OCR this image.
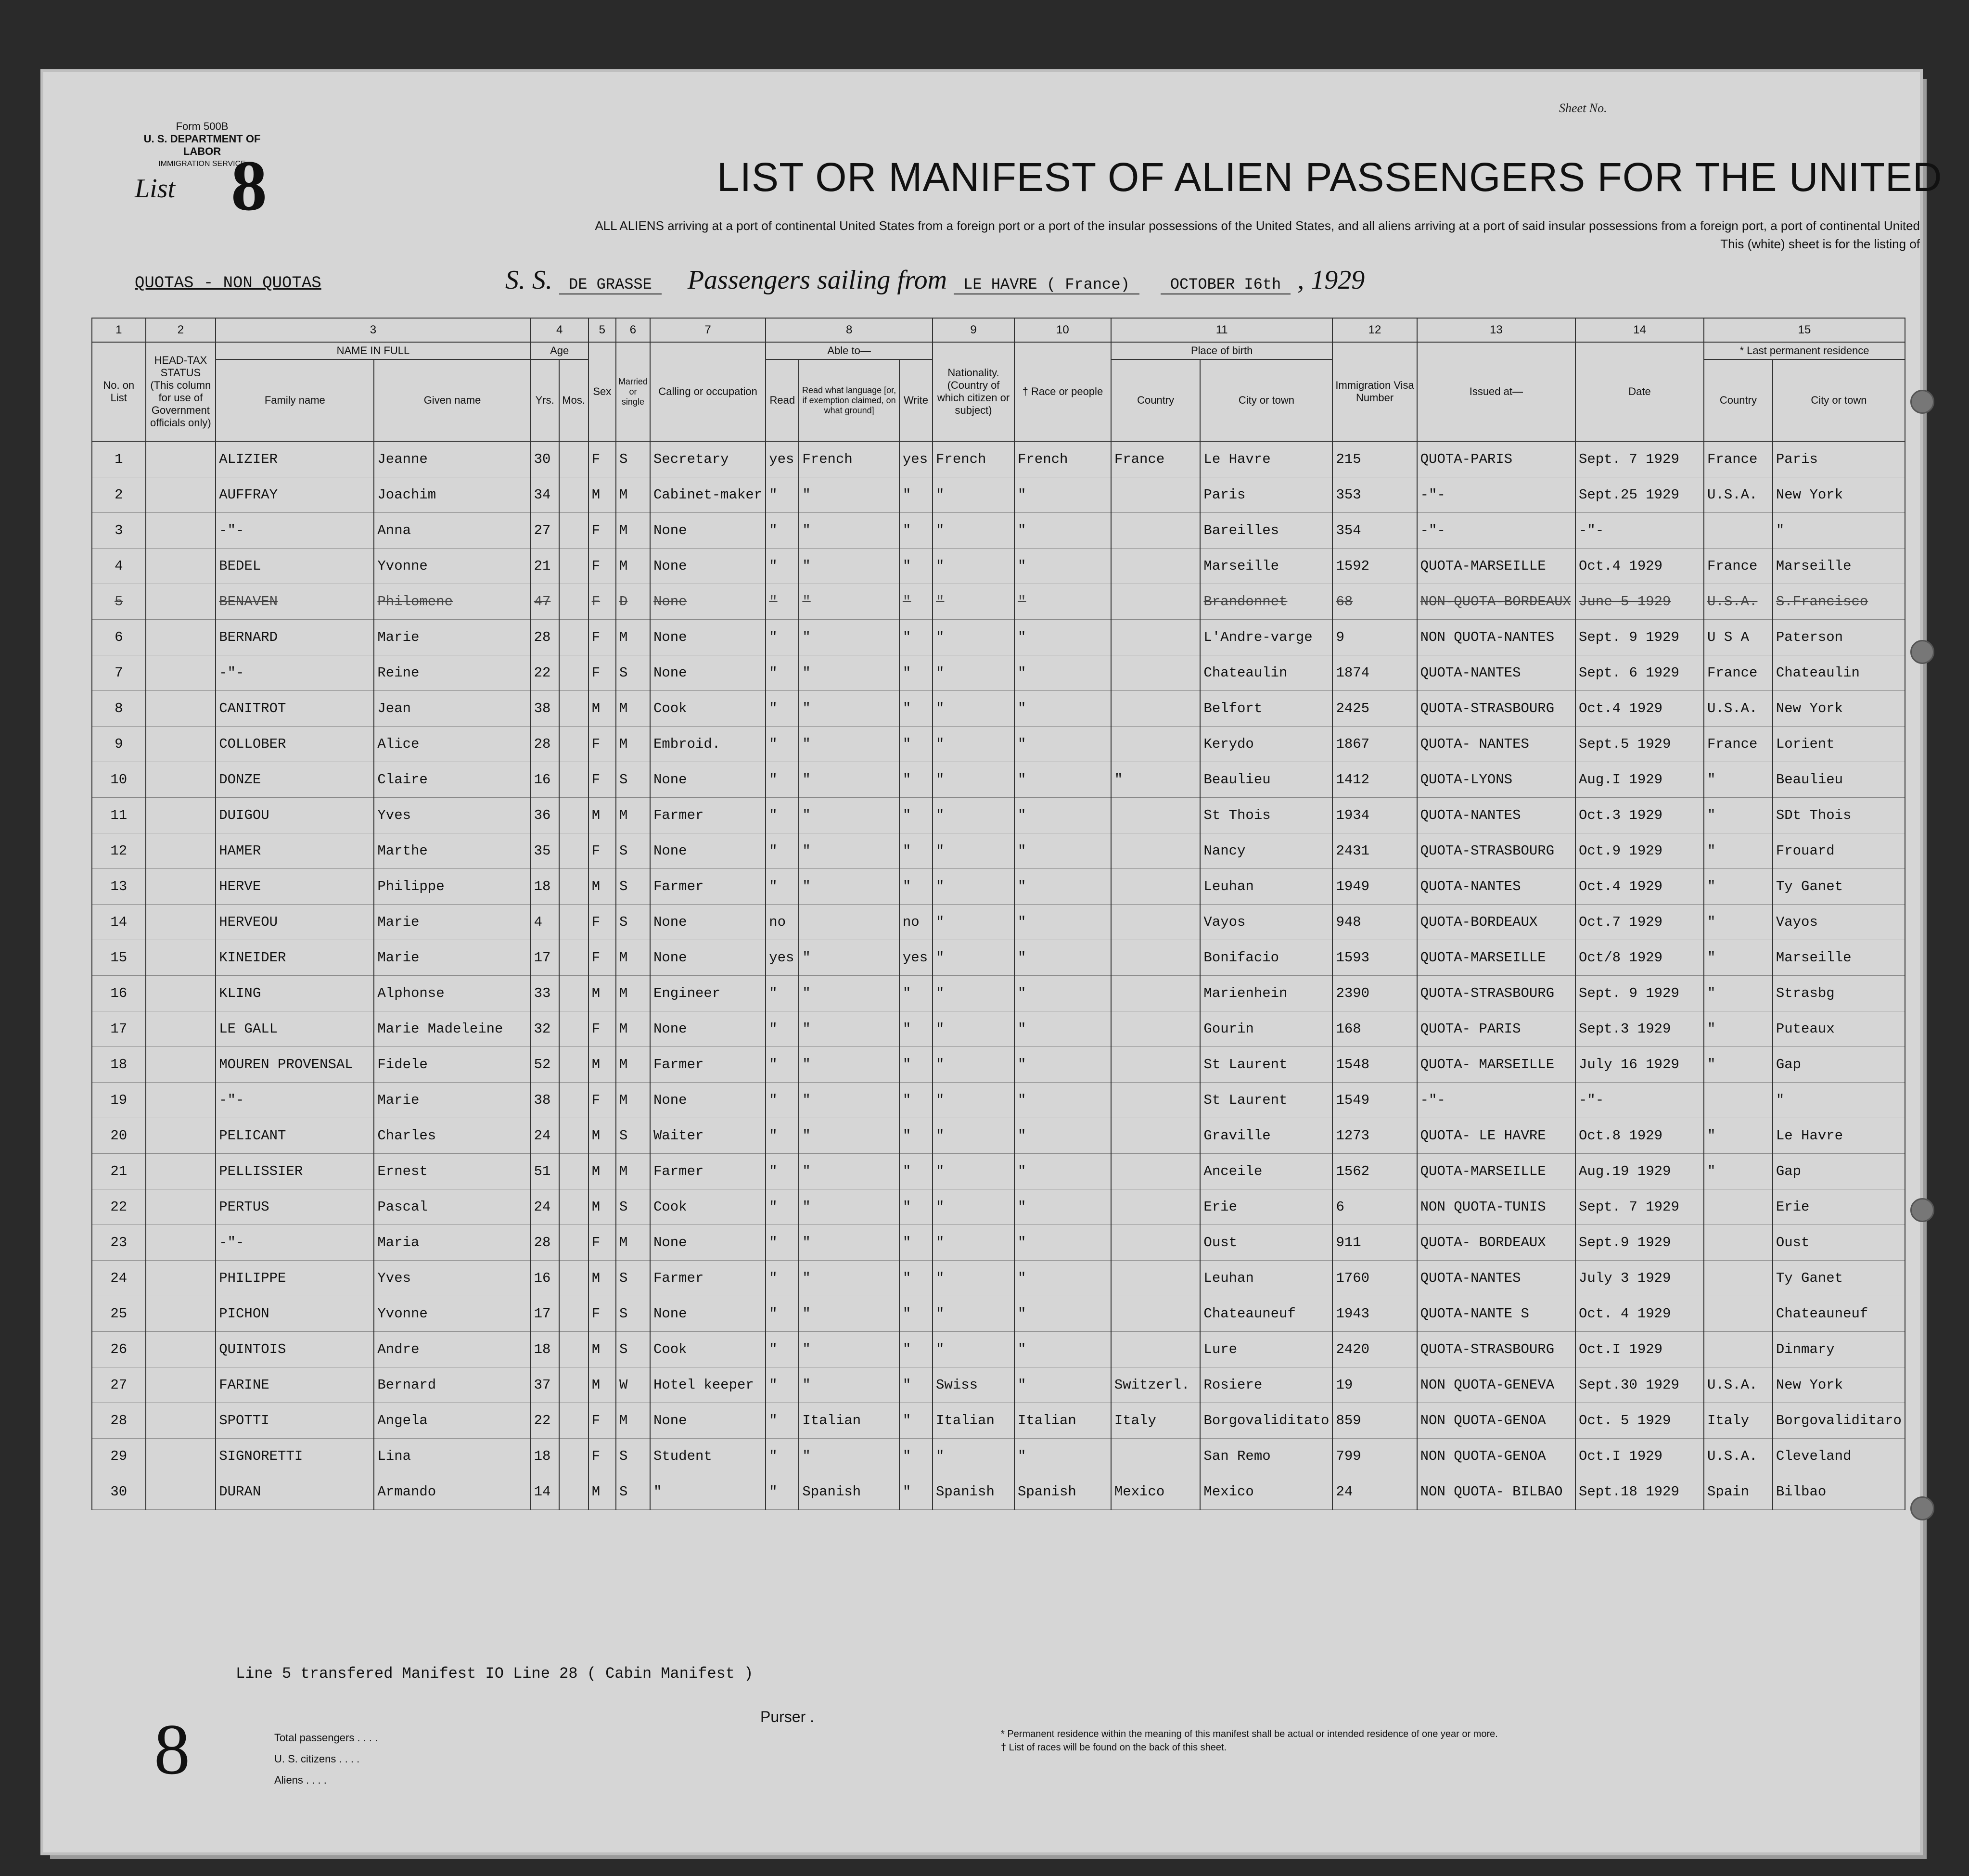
Sheet No.
Form 500B
U. S. DEPARTMENT OF LABOR
IMMIGRATION SERVICE
List 8	LIST OR MANIFEST OF ALIEN PASSENGERS FOR THE UNITED
ALL ALIENS arriving at a port of continental United States from a foreign port or a port of the insular possessions of the United States, and all aliens arriving at a port of said insular possessions from a foreign port, a port of continental United
This (white) sheet is for the listing of
QUOTAS - NON QUOTAS	S. S. DE GRASSE Passengers sailing from LE HAVRE ( France)	OCTOBER I6th , 1929
1	2	3		4		5	6	7	8			9	10	11		12	13	14	15	
No. on List	HEAD-TAX STATUS (This column for use of Government officials only)	NAME IN FULL		Age		Sex	Married or single	Calling or occupation	Able to—			Nationality. (Country of which citizen or subject)	† Race or people	Place of birth		Immigration Visa Number	Issued at—	Date	* Last permanent residence	
		Family name	Given name	Yrs.	Mos.				Read	Read what language [or, if exemption claimed, on what ground]	Write			Country	City or town				Country	City or town
1		ALIZIER	Jeanne	30		F	S	Secretary	yes	French	yes	French	French	France	Le Havre	215	QUOTA-PARIS	Sept. 7 1929	France	Paris
2		AUFFRAY	Joachim	34		M	M	Cabinet-maker	"	"	"	"	"		Paris	353	-"-	Sept.25 1929	U.S.A.	New York
3		-"-	Anna	27		F	M	None	"	"	"	"	"		Bareilles	354	-"-	-"-		"
4		BEDEL	Yvonne	21		F	M	None	"	"	"	"	"		Marseille	1592	QUOTA-MARSEILLE	Oct.4 1929	France	Marseille
5		BENAVEN	Philomene	47		F	D	None	"	"	"	"	"		Brandonnet	68	NON-QUOTA-BORDEAUX	June 5 1929	U.S.A.	S.Francisco
6		BERNARD	Marie	28		F	M	None	"	"	"	"	"		L'Andre-varge	9	NON QUOTA-NANTES	Sept. 9 1929	U S A	Paterson
7		-"-	Reine	22		F	S	None	"	"	"	"	"		Chateaulin	1874	QUOTA-NANTES	Sept. 6 1929	France	Chateaulin
8		CANITROT	Jean	38		M	M	Cook	"	"	"	"	"		Belfort	2425	QUOTA-STRASBOURG	Oct.4 1929	U.S.A.	New York
9		COLLOBER	Alice	28		F	M	Embroid.	"	"	"	"	"		Kerydo	1867	QUOTA- NANTES	Sept.5 1929	France	Lorient
10		DONZE	Claire	16		F	S	None	"	"	"	"	"	"	Beaulieu	1412	QUOTA-LYONS	Aug.I 1929	"	Beaulieu
11		DUIGOU	Yves	36		M	M	Farmer	"	"	"	"	"		St Thois	1934	QUOTA-NANTES	Oct.3 1929	"	SDt Thois
12		HAMER	Marthe	35		F	S	None	"	"	"	"	"		Nancy	2431	QUOTA-STRASBOURG	Oct.9 1929	"	Frouard
13		HERVE	Philippe	18		M	S	Farmer	"	"	"	"	"		Leuhan	1949	QUOTA-NANTES	Oct.4 1929	"	Ty Ganet
14		HERVEOU	Marie	4		F	S	None	no		no	"	"		Vayos	948	QUOTA-BORDEAUX	Oct.7 1929	"	Vayos
15		KINEIDER	Marie	17		F	M	None	yes	"	yes	"	"		Bonifacio	1593	QUOTA-MARSEILLE	Oct/8 1929	"	Marseille
16		KLING	Alphonse	33		M	M	Engineer	"	"	"	"	"		Marienhein	2390	QUOTA-STRASBOURG	Sept. 9 1929	"	Strasbg
17		LE GALL	Marie Madeleine	32		F	M	None	"	"	"	"	"		Gourin	168	QUOTA- PARIS	Sept.3 1929	"	Puteaux
18		MOUREN PROVENSAL	Fidele	52		M	M	Farmer	"	"	"	"	"		St Laurent	1548	QUOTA- MARSEILLE	July 16 1929	"	Gap
19		-"-	Marie	38		F	M	None	"	"	"	"	"		St Laurent	1549	-"-	-"-		"
20		PELICANT	Charles	24		M	S	Waiter	"	"	"	"	"		Graville	1273	QUOTA- LE HAVRE	Oct.8 1929	"	Le Havre
21		PELLISSIER	Ernest	51		M	M	Farmer	"	"	"	"	"		Anceile	1562	QUOTA-MARSEILLE	Aug.19 1929	"	Gap
22		PERTUS	Pascal	24		M	S	Cook	"	"	"	"	"		Erie	6	NON QUOTA-TUNIS	Sept. 7 1929		Erie
23		-"-	Maria	28		F	M	None	"	"	"	"	"		Oust	911	QUOTA- BORDEAUX	Sept.9 1929		Oust
24		PHILIPPE	Yves	16		M	S	Farmer	"	"	"	"	"		Leuhan	1760	QUOTA-NANTES	July 3 1929		Ty Ganet
25		PICHON	Yvonne	17		F	S	None	"	"	"	"	"		Chateauneuf	1943	QUOTA-NANTE S	Oct. 4 1929		Chateauneuf
26		QUINTOIS	Andre	18		M	S	Cook	"	"	"	"	"		Lure	2420	QUOTA-STRASBOURG	Oct.I 1929		Dinmary
27		FARINE	Bernard	37		M	W	Hotel keeper	"	"	"	Swiss	"	Switzerl.	Rosiere	19	NON QUOTA-GENEVA	Sept.30 1929	U.S.A.	New York
28		SPOTTI	Angela	22		F	M	None	"	Italian	"	Italian	Italian	Italy	Borgovaliditato	859	NON QUOTA-GENOA	Oct. 5 1929	Italy	Borgovaliditaro
29		SIGNORETTI	Lina	18		F	S	Student	"	"	"	"	"		San Remo	799	NON QUOTA-GENOA	Oct.I 1929	U.S.A.	Cleveland
30		DURAN	Armando	14		M	S	"	"	Spanish	"	Spanish	Spanish	Mexico	Mexico	24	NON QUOTA- BILBAO	Sept.18 1929	Spain	Bilbao
Line 5 transfered Manifest IO Line 28 ( Cabin Manifest )
Purser .
8	Total passengers . . . .
U. S. citizens . . . .
Aliens . . . .
* Permanent residence within the meaning of this manifest shall be actual or intended residence of one year or more.
† List of races will be found on the back of this sheet.
